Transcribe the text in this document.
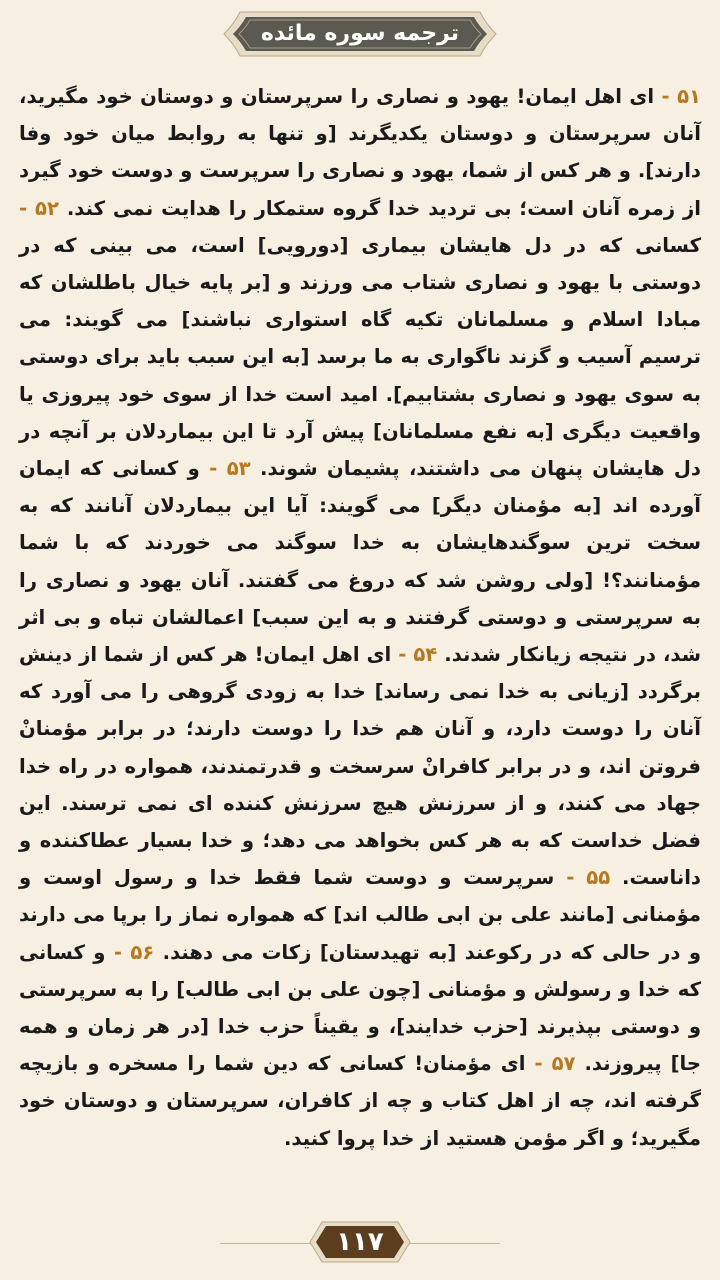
ترجمه سوره مائده

۵۱ - ای اهل ایمان! یهود و نصاری را سرپرستان و دوستان خود مگیرید، آنان سرپرستان و دوستان یکدیگرند [و تنها به روابط میان خود وفا دارند]. و هر کس از شما، یهود و نصاری را سرپرست و دوست خود گیرد از زمره آنان است؛ بی تردید خدا گروه ستمکار را هدایت نمی کند. ۵۲ - کسانی که در دل هایشان بیماری [دورویی] است، می بینی که در دوستی با یهود و نصاری شتاب می ورزند و [بر پایه خیال باطلشان که مبادا اسلام و مسلمانان تکیه گاه استواری نباشند] می گویند: می ترسیم آسیب و گزند ناگواری به ما برسد [به این سبب باید برای دوستی به سوی یهود و نصاری بشتابیم]. امید است خدا از سوی خود پیروزی یا واقعیت دیگری [به نفع مسلمانان] پیش آرد تا این بیماردلان بر آنچه در دل هایشان پنهان می داشتند، پشیمان شوند. ۵۳ - و کسانی که ایمان آورده اند [به مؤمنان دیگر] می گویند: آیا این بیماردلان آنانند که به سخت ترین سوگندهایشان به خدا سوگند می خوردند که با شما مؤمنانند؟! [ولی روشن شد که دروغ می گفتند. آنان یهود و نصاری را به سرپرستی و دوستی گرفتند و به این سبب] اعمالشان تباه و بی اثر شد، در نتیجه زیانکار شدند. ۵۴ - ای اهل ایمان! هر کس از شما از دینش برگردد [زیانی به خدا نمی رساند] خدا به زودی گروهی را می آورد که آنان را دوست دارد، و آنان هم خدا را دوست دارند؛ در برابر مؤمنانْ فروتن اند، و در برابر کافرانْ سرسخت و قدرتمندند، همواره در راه خدا جهاد می کنند، و از سرزنش هیچ سرزنش کننده ای نمی ترسند. این فضل خداست که به هر کس بخواهد می دهد؛ و خدا بسیار عطاکننده و داناست. ۵۵ - سرپرست و دوست شما فقط خدا و رسول اوست و مؤمنانی [مانند علی بن ابی طالب اند] که همواره نماز را برپا می دارند و در حالی که در رکوعند [به تهیدستان] زکات می دهند. ۵۶ - و کسانی که خدا و رسولش و مؤمنانی [چون علی بن ابی طالب] را به سرپرستی و دوستی بپذیرند [حزب خدایند]، و یقیناً حزب خدا [در هر زمان و همه جا] پیروزند. ۵۷ - ای مؤمنان! کسانی که دین شما را مسخره و بازیچه گرفته اند، چه از اهل کتاب و چه از کافران، سرپرستان و دوستان خود مگیرید؛ و اگر مؤمن هستید از خدا پروا کنید.

۱۱۷
